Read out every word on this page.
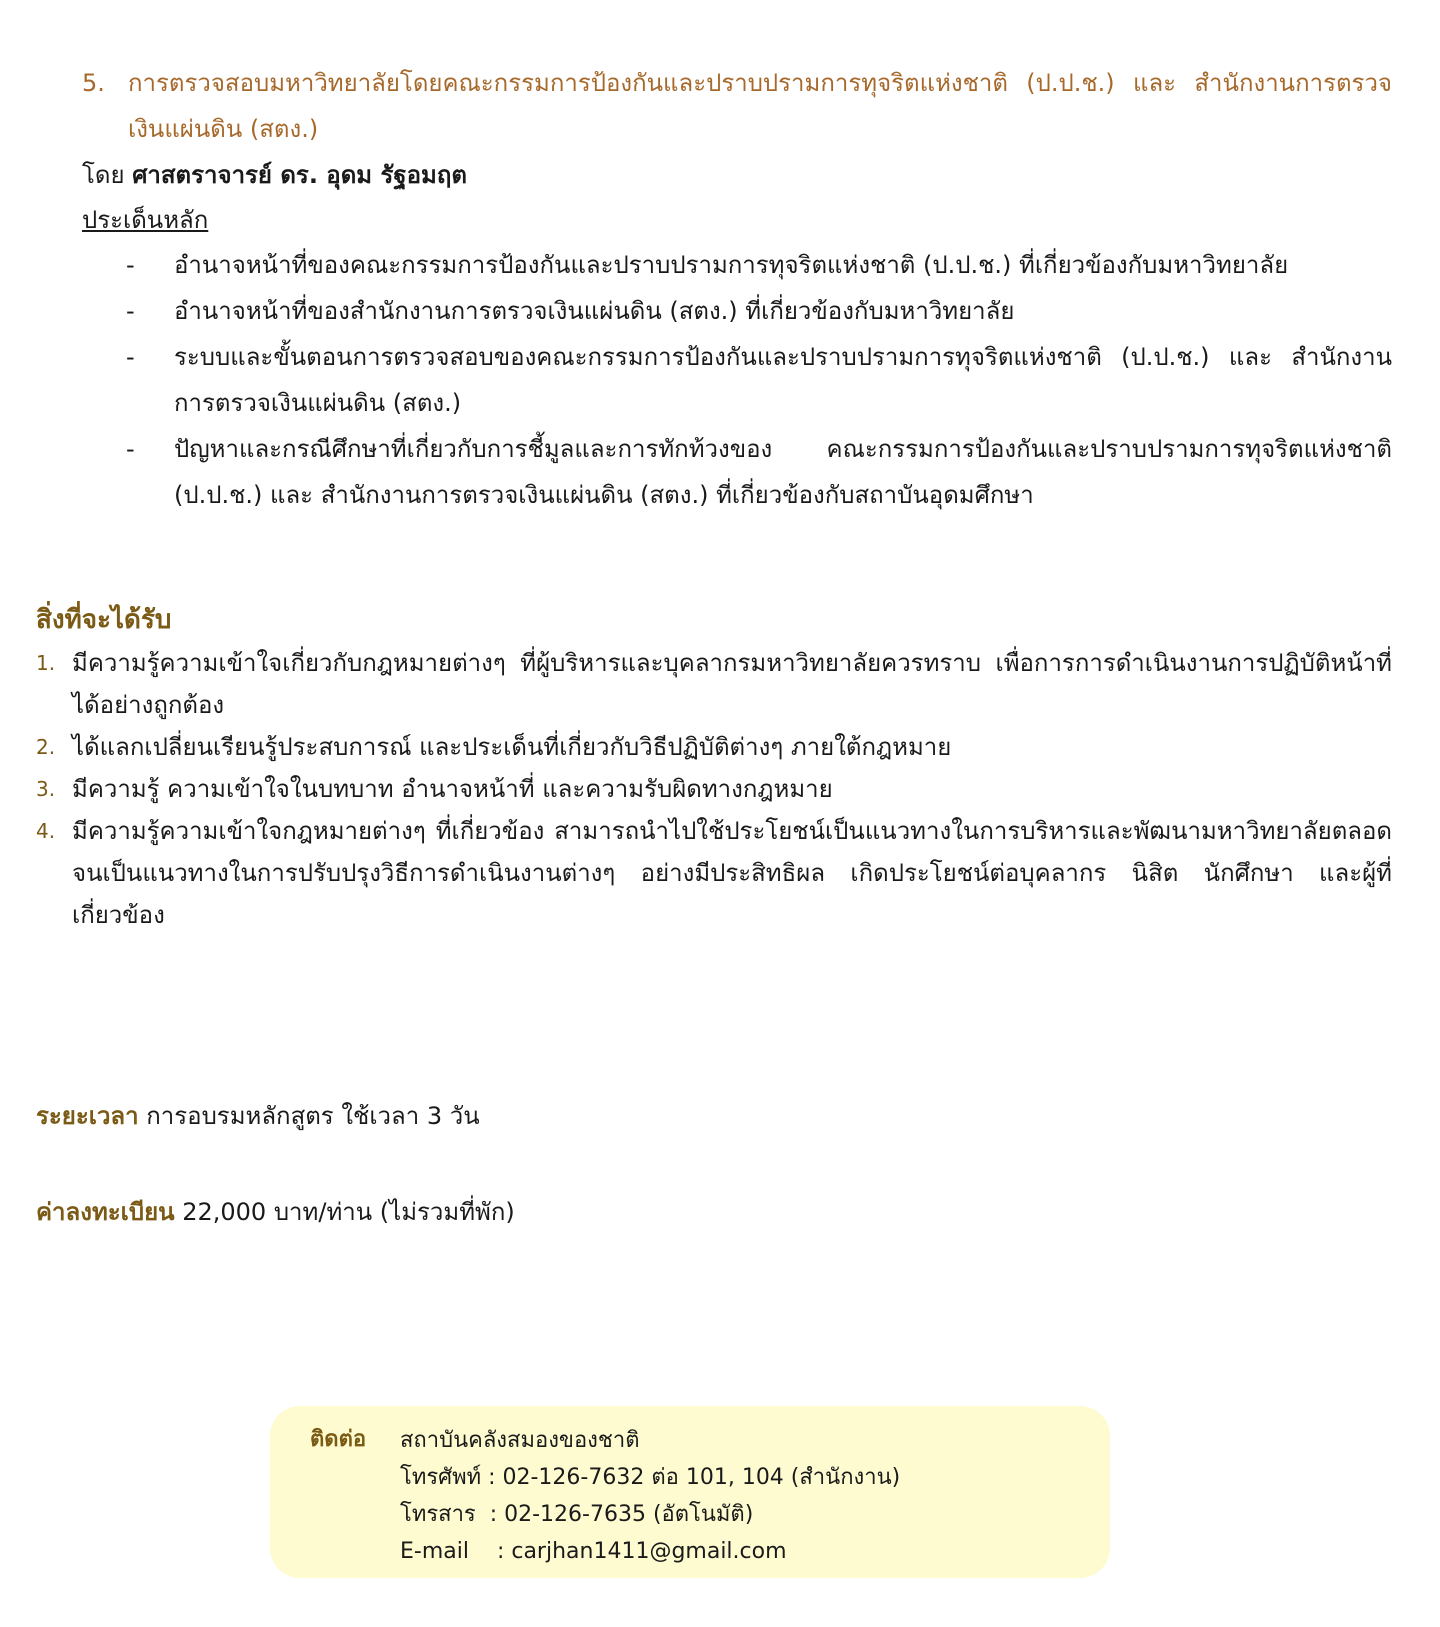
5. การตรวจสอบมหาวิทยาลัยโดยคณะกรรมการป้องกันและปราบปรามการทุจริตแห่งชาติ (ป.ป.ช.) และ สำนักงานการตรวจเงินแผ่นดิน (สตง.)
โดย ศาสตราจารย์ ดร. อุดม รัฐอมฤต
ประเด็นหลัก
-	อำนาจหน้าที่ของคณะกรรมการป้องกันและปราบปรามการทุจริตแห่งชาติ (ป.ป.ช.) ที่เกี่ยวข้องกับมหาวิทยาลัย
-	อำนาจหน้าที่ของสำนักงานการตรวจเงินแผ่นดิน (สตง.) ที่เกี่ยวข้องกับมหาวิทยาลัย
-	ระบบและขั้นตอนการตรวจสอบของคณะกรรมการป้องกันและปราบปรามการทุจริตแห่งชาติ (ป.ป.ช.) และ สำนักงานการตรวจเงินแผ่นดิน (สตง.)
-	ปัญหาและกรณีศึกษาที่เกี่ยวกับการชี้มูลและการทักท้วงของ คณะกรรมการป้องกันและปราบปรามการทุจริตแห่งชาติ (ป.ป.ช.) และ สำนักงานการตรวจเงินแผ่นดิน (สตง.) ที่เกี่ยวข้องกับสถาบันอุดมศึกษา
สิ่งที่จะได้รับ
1. มีความรู้ความเข้าใจเกี่ยวกับกฎหมายต่างๆ ที่ผู้บริหารและบุคลากรมหาวิทยาลัยควรทราบ เพื่อการการดำเนินงานการปฏิบัติหน้าที่ได้อย่างถูกต้อง
2. ได้แลกเปลี่ยนเรียนรู้ประสบการณ์ และประเด็นที่เกี่ยวกับวิธีปฏิบัติต่างๆ ภายใต้กฎหมาย
3. มีความรู้ ความเข้าใจในบทบาท อำนาจหน้าที่ และความรับผิดทางกฎหมาย
4. มีความรู้ความเข้าใจกฎหมายต่างๆ ที่เกี่ยวข้อง สามารถนำไปใช้ประโยชน์เป็นแนวทางในการบริหารและพัฒนามหาวิทยาลัยตลอดจนเป็นแนวทางในการปรับปรุงวิธีการดำเนินงานต่างๆ อย่างมีประสิทธิผล เกิดประโยชน์ต่อบุคลากร นิสิต นักศึกษา และผู้ที่เกี่ยวข้อง
ระยะเวลา การอบรมหลักสูตร ใช้เวลา 3 วัน
ค่าลงทะเบียน 22,000 บาท/ท่าน (ไม่รวมที่พัก)
ติดต่อ สถาบันคลังสมองของชาติ
โทรศัพท์ : 02-126-7632 ต่อ 101, 104 (สำนักงาน)
โทรสาร  : 02-126-7635 (อัตโนมัติ)
E-mail    : carjhan1411@gmail.com
